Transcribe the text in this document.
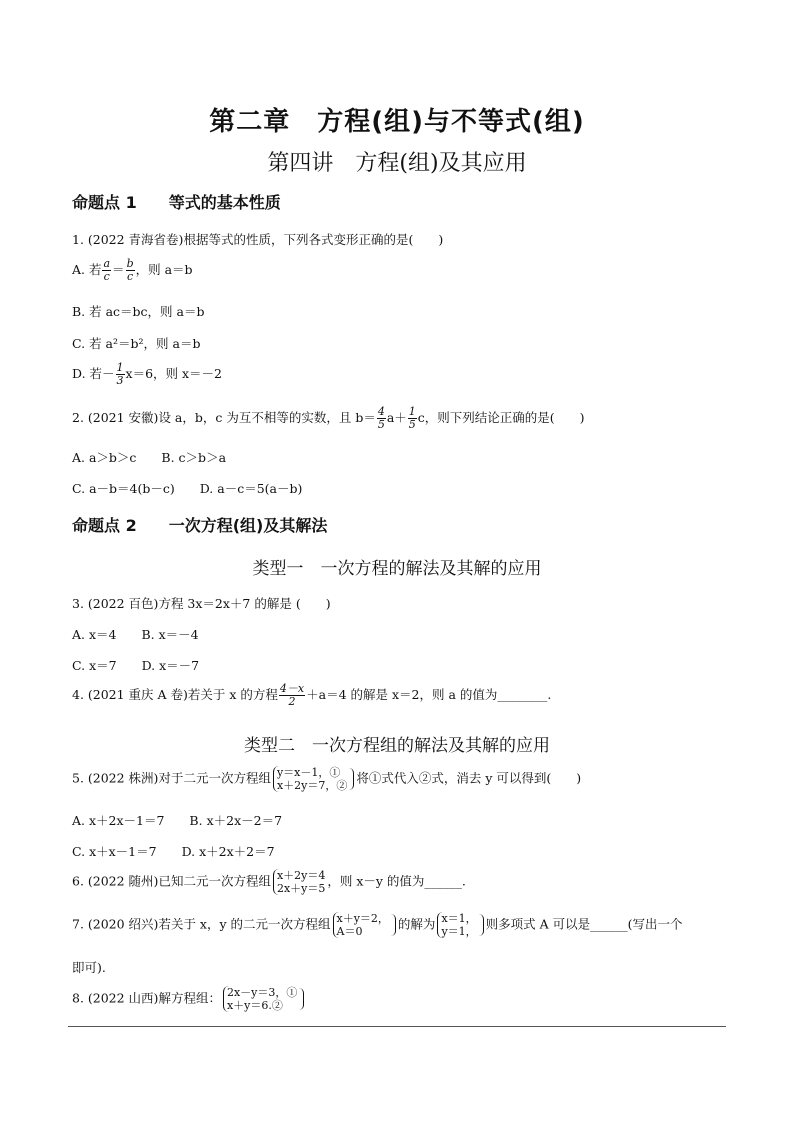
第二章　方程(组)与不等式(组)
第四讲　方程(组)及其应用
命题点 1　　等式的基本性质
1. (2022 青海省卷)根据等式的性质，下列各式变形正确的是(　　)
A. 若 $\frac{a}{c} = \frac{b}{c}$ ，则 a＝b
B. 若 ac＝bc，则 a＝b
C. 若 a²＝b²，则 a＝b
D. 若－ $\frac{1}{3} x=6$，则 x＝－2
2. (2021 安徽)设 a，b，c 为互不相等的实数，且 $b= \frac{4}{5} a+ \frac{1}{5}$ c，则下列结论正确的是(　　)
A. a＞b＞c　　B. c＞b＞a
C. a－b＝4(b－c)　　D. a－c＝5(a－b)
命题点 2　　一次方程(组)及其解法
类型一　一次方程的解法及其解的应用
3. (2022 百色)方程 3x＝2x＋7 的解是 (　　)
A. x＝4　　B. x＝－4
C. x＝7　　D. x＝－7
4. (2021 重庆 A 卷)若关于 x 的方程 $\frac{4-x}{2} +a=4$ 的解是 x＝2，则 a 的值为________.
类型二　一次方程组的解法及其解的应用
5. (2022 株洲)对于二元一次方程组 y＝x－1，①
x＋2y＝7，② 将①式代入②式，消去 y 可以得到(　　)
A. x＋2x－1＝7　　B. x＋2x－2＝7
C. x＋x－1＝7　　D. x＋2x＋2＝7
6. (2022 随州)已知二元一次方程组 x＋2y＝4
2x＋y＝5 ，则 x－y 的值为______.
7. (2020 绍兴)若关于 x，y 的二元一次方程组 x＋y＝2，
A＝0	的解为 x＝1，
y＝1， 则多项式 A 可以是______(写出一个
即可).
8. (2022 山西)解方程组： 2x－y＝3，①
x＋y＝6.②
